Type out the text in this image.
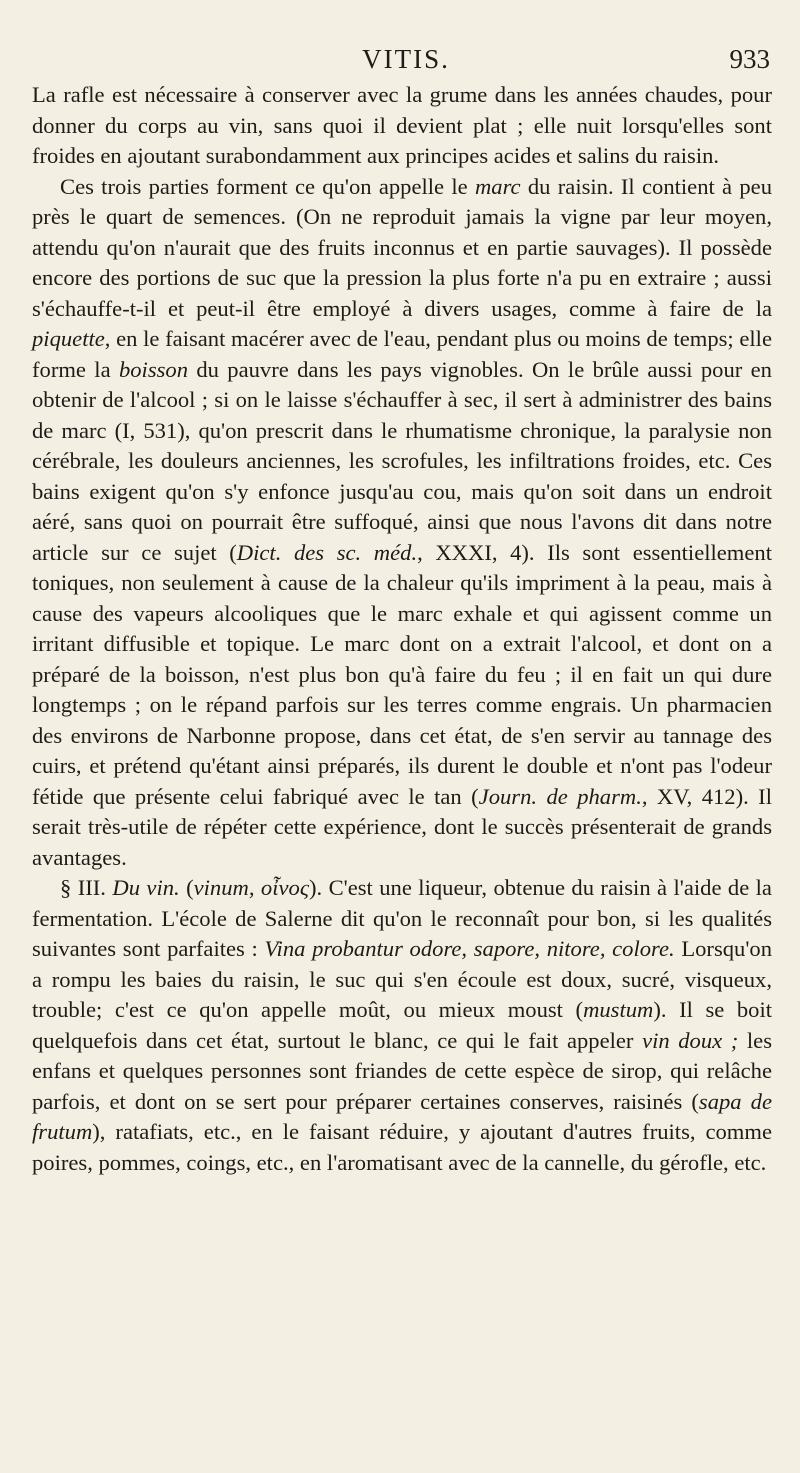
VITIS.	933

La rafle est nécessaire à conserver avec la grume dans les années chaudes, pour donner du corps au vin, sans quoi il devient plat ; elle nuit lorsqu'elles sont froides en ajoutant surabondamment aux principes acides et salins du raisin.

Ces trois parties forment ce qu'on appelle le marc du raisin. Il contient à peu près le quart de semences. (On ne reproduit jamais la vigne par leur moyen, attendu qu'on n'aurait que des fruits inconnus et en partie sauvages). Il possède encore des portions de suc que la pression la plus forte n'a pu en extraire ; aussi s'échauffe-t-il et peut-il être employé à divers usages, comme à faire de la piquette, en le faisant macérer avec de l'eau, pendant plus ou moins de temps; elle forme la boisson du pauvre dans les pays vignobles. On le brûle aussi pour en obtenir de l'alcool ; si on le laisse s'échauffer à sec, il sert à administrer des bains de marc (I, 531), qu'on prescrit dans le rhumatisme chronique, la paralysie non cérébrale, les douleurs anciennes, les scrofules, les infiltrations froides, etc. Ces bains exigent qu'on s'y enfonce jusqu'au cou, mais qu'on soit dans un endroit aéré, sans quoi on pourrait être suffoqué, ainsi que nous l'avons dit dans notre article sur ce sujet (Dict. des sc. méd., XXXI, 4). Ils sont essentiellement toniques, non seulement à cause de la chaleur qu'ils impriment à la peau, mais à cause des vapeurs alcooliques que le marc exhale et qui agissent comme un irritant diffusible et topique. Le marc dont on a extrait l'alcool, et dont on a préparé de la boisson, n'est plus bon qu'à faire du feu ; il en fait un qui dure longtemps ; on le répand parfois sur les terres comme engrais. Un pharmacien des environs de Narbonne propose, dans cet état, de s'en servir au tannage des cuirs, et prétend qu'étant ainsi préparés, ils durent le double et n'ont pas l'odeur fétide que présente celui fabriqué avec le tan (Journ. de pharm., XV, 412). Il serait très-utile de répéter cette expérience, dont le succès présenterait de grands avantages.

§ III. Du vin. (vinum, οἶνος). C'est une liqueur, obtenue du raisin à l'aide de la fermentation. L'école de Salerne dit qu'on le reconnaît pour bon, si les qualités suivantes sont parfaites : Vina probantur odore, sapore, nitore, colore. Lorsqu'on a rompu les baies du raisin, le suc qui s'en écoule est doux, sucré, visqueux, trouble; c'est ce qu'on appelle moût, ou mieux moust (mustum). Il se boit quelquefois dans cet état, surtout le blanc, ce qui le fait appeler vin doux ; les enfans et quelques personnes sont friandes de cette espèce de sirop, qui relâche parfois, et dont on se sert pour préparer certaines conserves, raisinés (sapa de frutum), ratafiats, etc., en le faisant réduire, y ajoutant d'autres fruits, comme poires, pommes, coings, etc., en l'aromatisant avec de la cannelle, du gérofle, etc.
